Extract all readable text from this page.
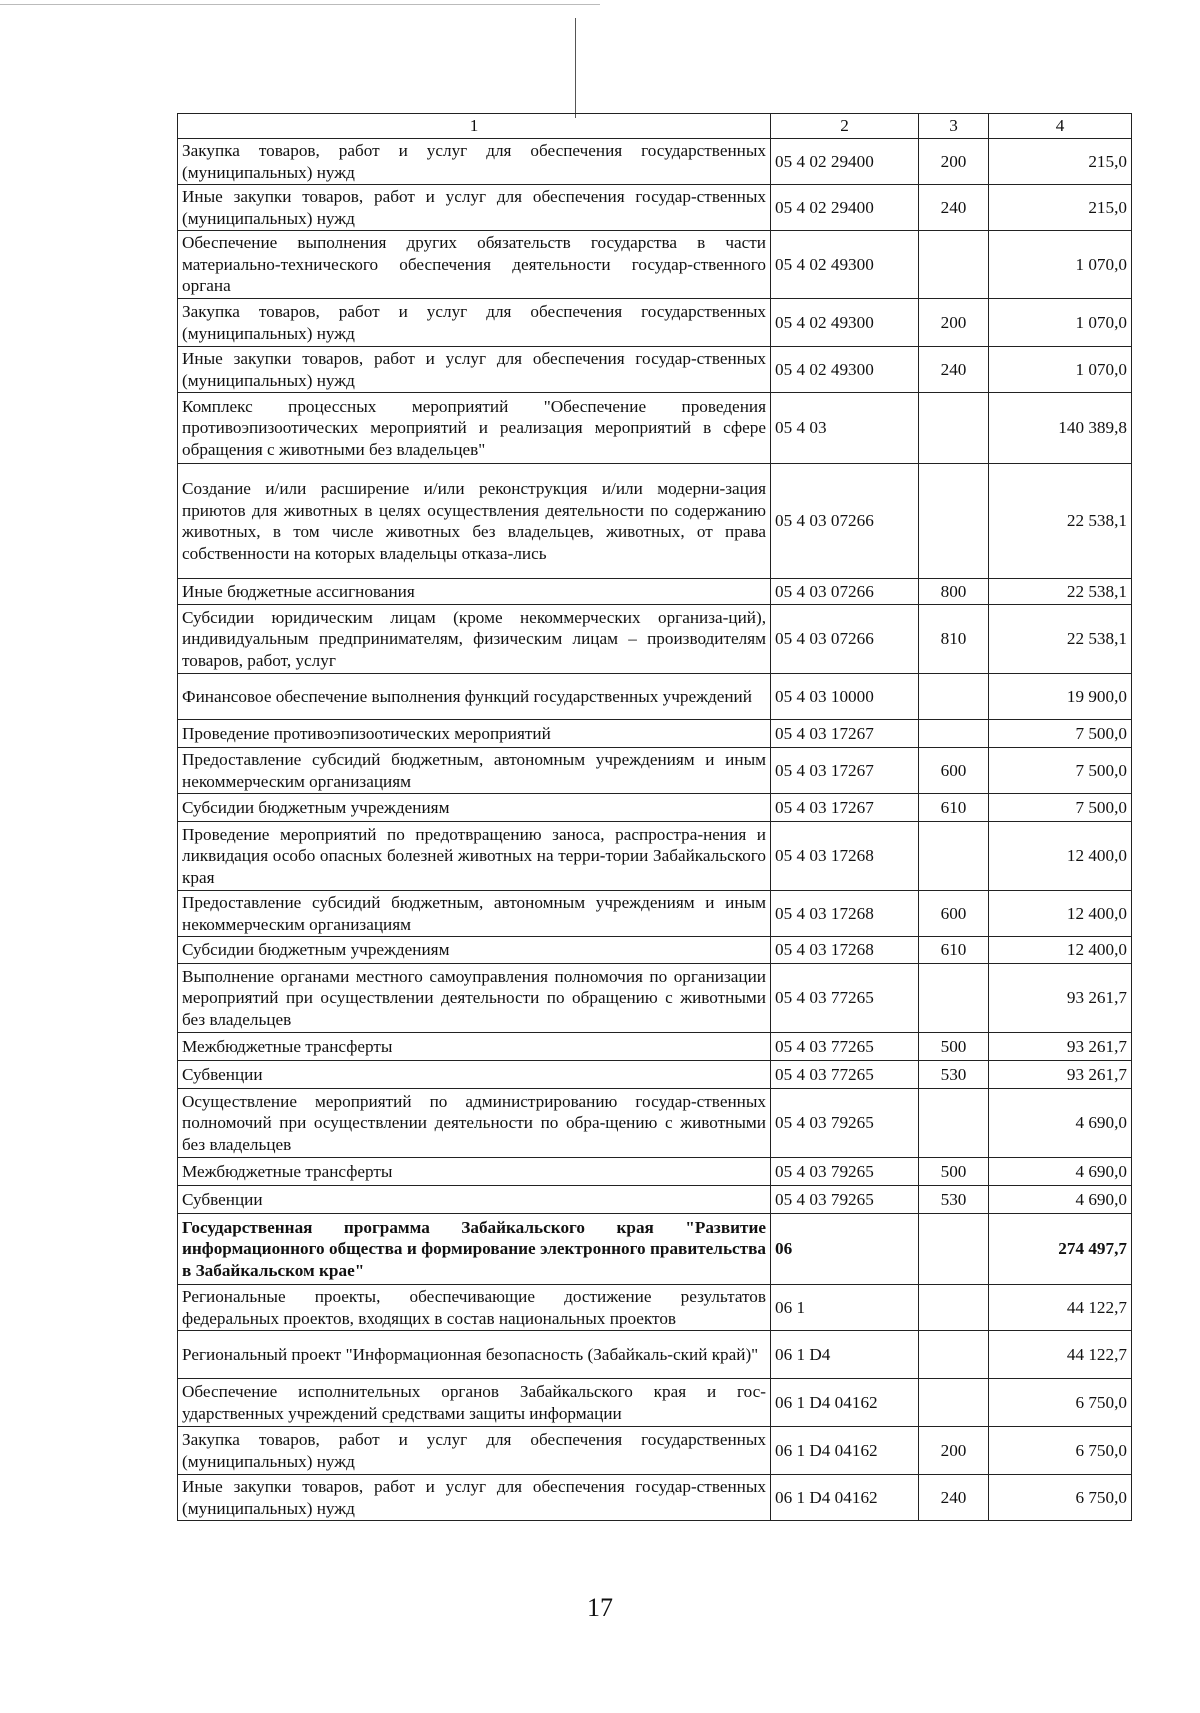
1	2	3	4
Закупка товаров, работ и услуг для обеспечения государственных (муниципальных) нужд	05 4 02 29400	200	215,0
Иные закупки товаров, работ и услуг для обеспечения государ-ственных (муниципальных) нужд	05 4 02 29400	240	215,0
Обеспечение выполнения других обязательств государства в части материально-технического обеспечения деятельности государ-ственного органа	05 4 02 49300		1 070,0
Закупка товаров, работ и услуг для обеспечения государственных (муниципальных) нужд	05 4 02 49300	200	1 070,0
Иные закупки товаров, работ и услуг для обеспечения государ-ственных (муниципальных) нужд	05 4 02 49300	240	1 070,0
Комплекс процессных мероприятий "Обеспечение проведения противоэпизоотических мероприятий и реализация мероприятий в сфере обращения с животными без владельцев"	05 4 03		140 389,8
Создание и/или расширение и/или реконструкция и/или модерни-зация приютов для животных в целях осуществления деятельности по содержанию животных, в том числе животных без владельцев, животных, от права собственности на которых владельцы отказа-лись	05 4 03 07266		22 538,1
Иные бюджетные ассигнования	05 4 03 07266	800	22 538,1
Субсидии юридическим лицам (кроме некоммерческих организа-ций), индивидуальным предпринимателям, физическим лицам – производителям товаров, работ, услуг	05 4 03 07266	810	22 538,1
Финансовое обеспечение выполнения функций государственных учреждений	05 4 03 10000		19 900,0
Проведение противоэпизоотических мероприятий	05 4 03 17267		7 500,0
Предоставление субсидий бюджетным, автономным учреждениям и иным некоммерческим организациям	05 4 03 17267	600	7 500,0
Субсидии бюджетным учреждениям	05 4 03 17267	610	7 500,0
Проведение мероприятий по предотвращению заноса, распростра-нения и ликвидация особо опасных болезней животных на терри-тории Забайкальского края	05 4 03 17268		12 400,0
Предоставление субсидий бюджетным, автономным учреждениям и иным некоммерческим организациям	05 4 03 17268	600	12 400,0
Субсидии бюджетным учреждениям	05 4 03 17268	610	12 400,0
Выполнение органами местного самоуправления полномочия по организации мероприятий при осуществлении деятельности по обращению с животными без владельцев	05 4 03 77265		93 261,7
Межбюджетные трансферты	05 4 03 77265	500	93 261,7
Субвенции	05 4 03 77265	530	93 261,7
Осуществление мероприятий по администрированию государ-ственных полномочий при осуществлении деятельности по обра-щению с животными без владельцев	05 4 03 79265		4 690,0
Межбюджетные трансферты	05 4 03 79265	500	4 690,0
Субвенции	05 4 03 79265	530	4 690,0
Государственная программа Забайкальского края "Развитие информационного общества и формирование электронного правительства в Забайкальском крае"	06		274 497,7
Региональные проекты, обеспечивающие достижение результатов федеральных проектов, входящих в состав национальных проектов	06 1		44 122,7
Региональный проект "Информационная безопасность (Забайкаль-ский край)"	06 1 D4		44 122,7
Обеспечение исполнительных органов Забайкальского края и гос-ударственных учреждений средствами защиты информации	06 1 D4 04162		6 750,0
Закупка товаров, работ и услуг для обеспечения государственных (муниципальных) нужд	06 1 D4 04162	200	6 750,0
Иные закупки товаров, работ и услуг для обеспечения государ-ственных (муниципальных) нужд	06 1 D4 04162	240	6 750,0
17
